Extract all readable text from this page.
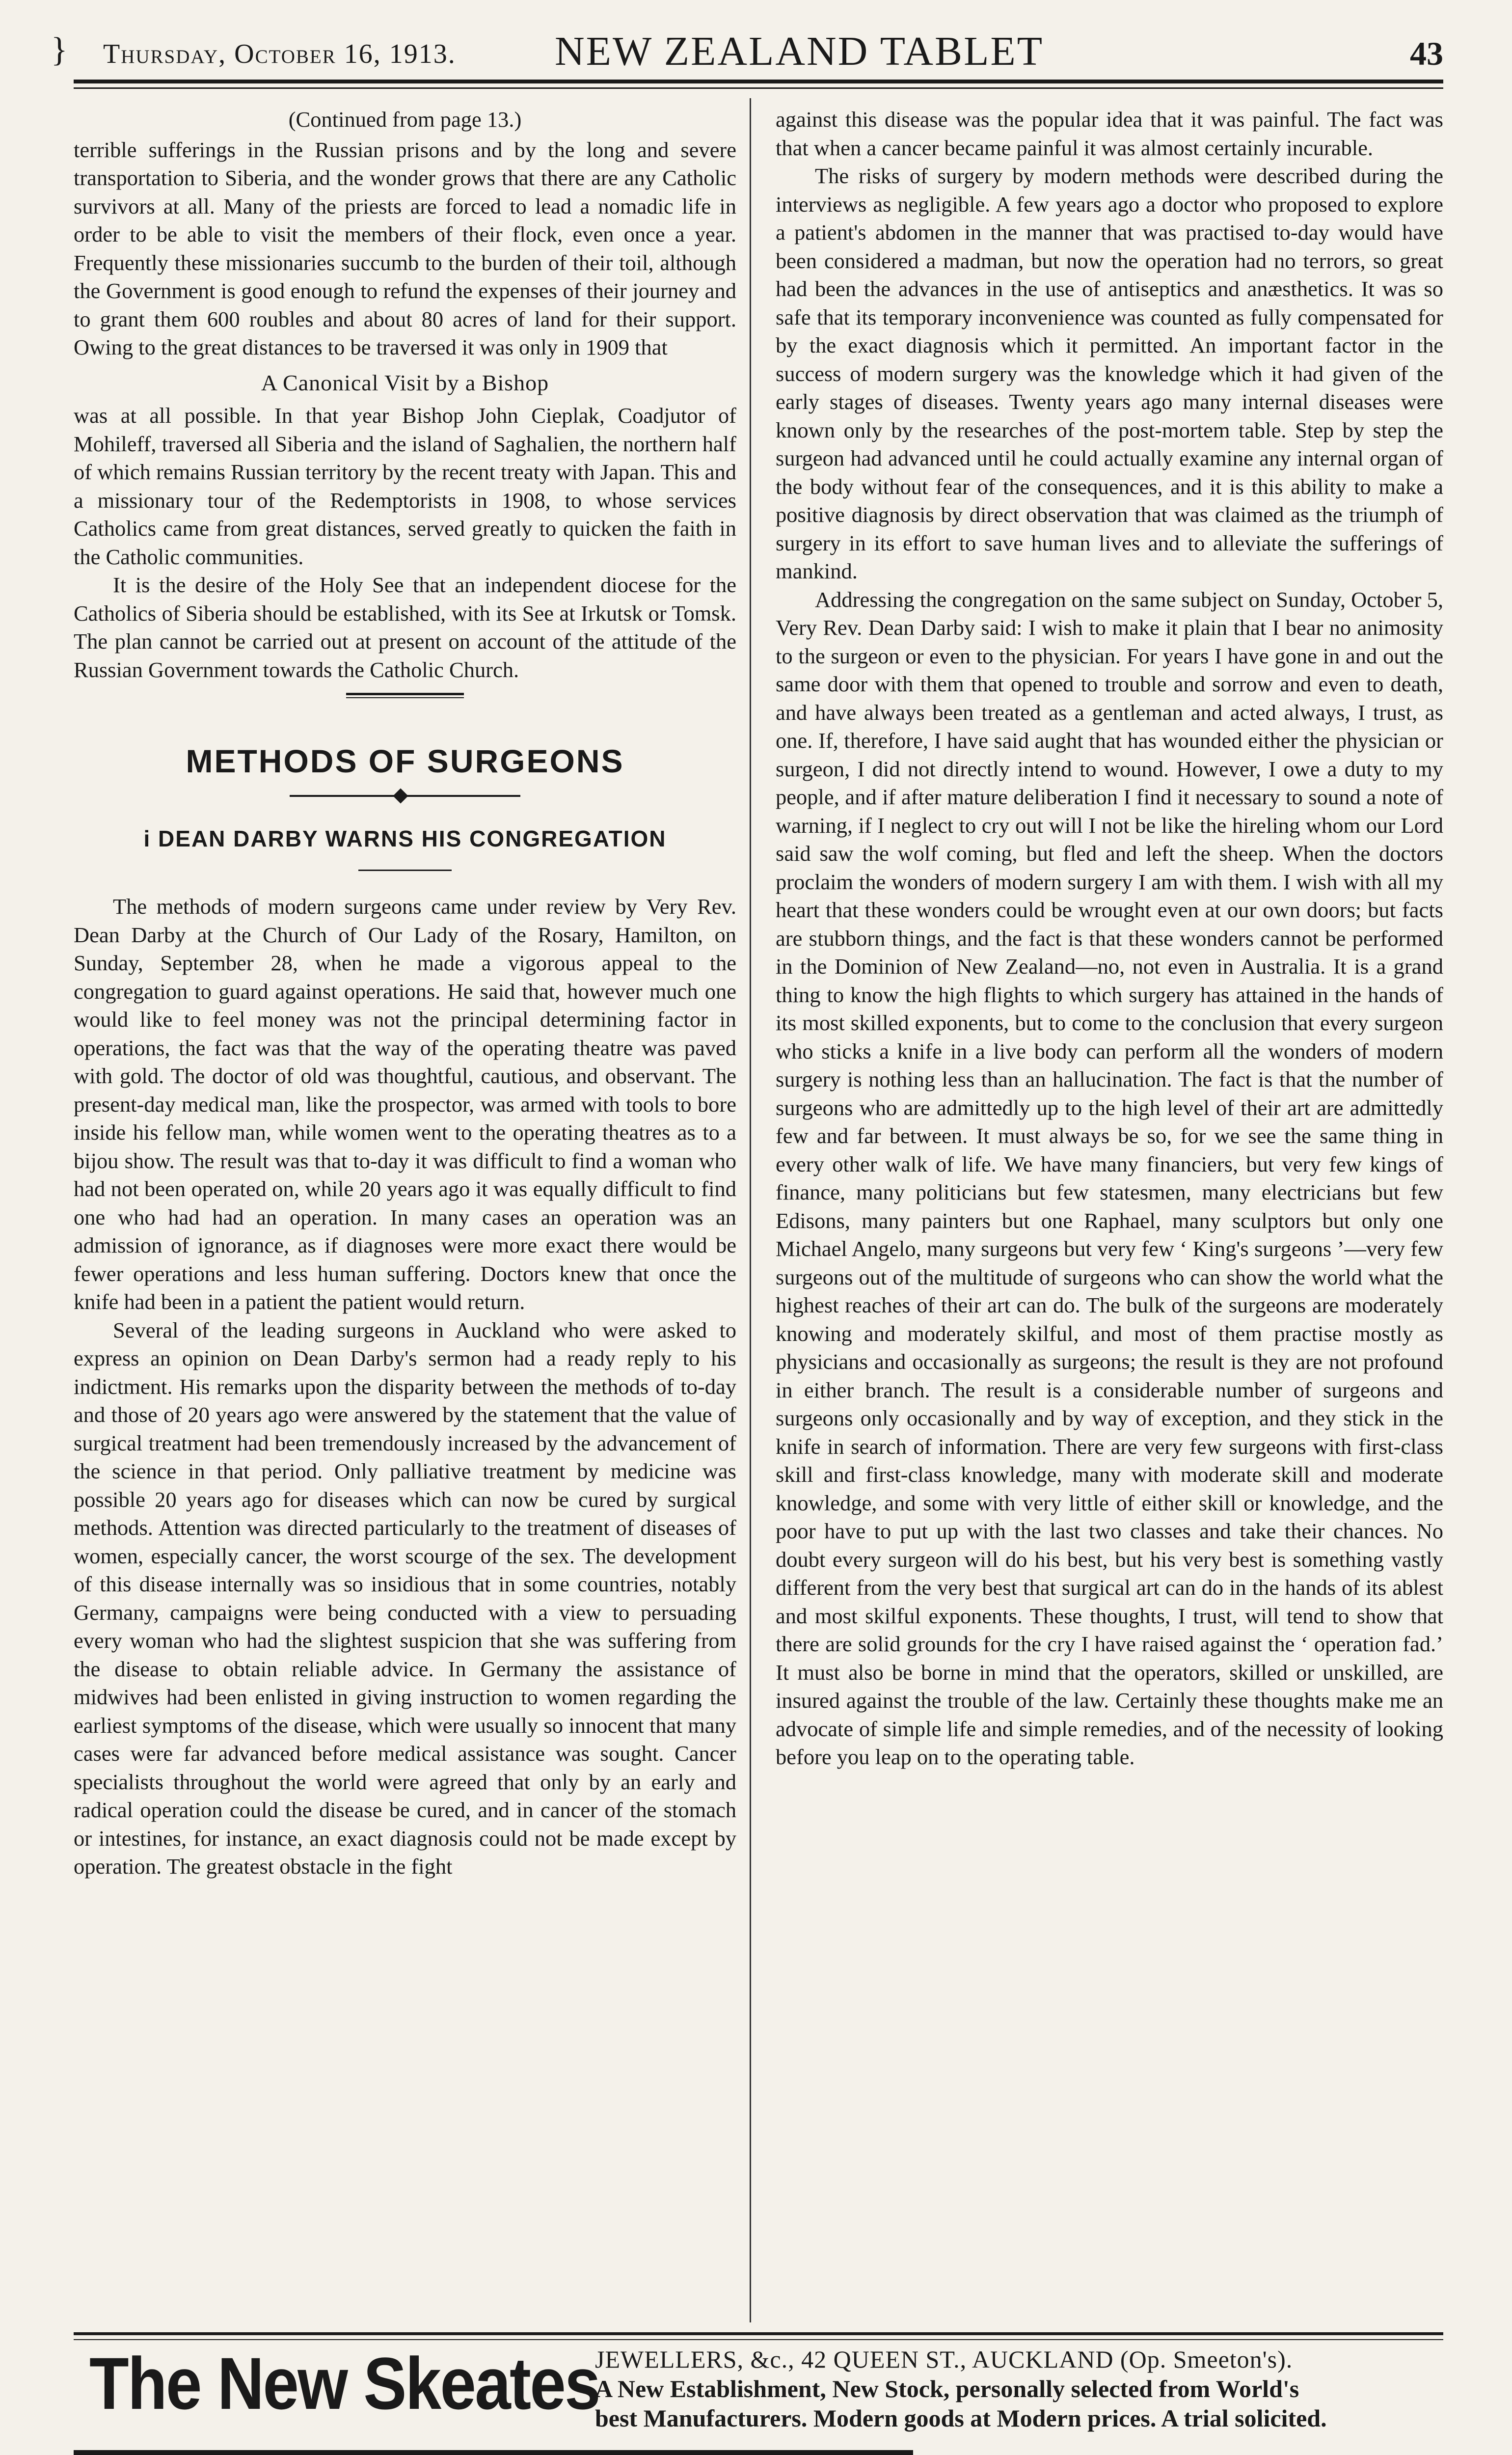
} Thursday, October 16, 1913. NEW ZEALAND TABLET	43
(Continued from page 13.)

terrible sufferings in the Russian prisons and by the long and severe transportation to Siberia, and the wonder grows that there are any Catholic survivors at all. Many of the priests are forced to lead a nomadic life in order to be able to visit the members of their flock, even once a year. Frequently these missionaries succumb to the burden of their toil, although the Government is good enough to refund the expenses of their journey and to grant them 600 roubles and about 80 acres of land for their support. Owing to the great distances to be traversed it was only in 1909 that

A Canonical Visit by a Bishop

was at all possible. In that year Bishop John Cieplak, Coadjutor of Mohileff, traversed all Siberia and the island of Saghalien, the northern half of which remains Russian territory by the recent treaty with Japan. This and a missionary tour of the Redemptorists in 1908, to whose services Catholics came from great distances, served greatly to quicken the faith in the Catholic communities.

It is the desire of the Holy See that an independent diocese for the Catholics of Siberia should be established, with its See at Irkutsk or Tomsk. The plan cannot be carried out at present on account of the attitude of the Russian Government towards the Catholic Church.

METHODS OF SURGEONS
i DEAN DARBY WARNS HIS CONGREGATION

The methods of modern surgeons came under review by Very Rev. Dean Darby at the Church of Our Lady of the Rosary, Hamilton, on Sunday, September 28, when he made a vigorous appeal to the congregation to guard against operations. He said that, however much one would like to feel money was not the principal determining factor in operations, the fact was that the way of the operating theatre was paved with gold. The doctor of old was thoughtful, cautious, and observant. The present-day medical man, like the prospector, was armed with tools to bore inside his fellow man, while women went to the operating theatres as to a bijou show. The result was that to-day it was difficult to find a woman who had not been operated on, while 20 years ago it was equally difficult to find one who had had an operation. In many cases an operation was an admission of ignorance, as if diagnoses were more exact there would be fewer operations and less human suffering. Doctors knew that once the knife had been in a patient the patient would return.

Several of the leading surgeons in Auckland who were asked to express an opinion on Dean Darby's sermon had a ready reply to his indictment. His remarks upon the disparity between the methods of to-day and those of 20 years ago were answered by the statement that the value of surgical treatment had been tremendously increased by the advancement of the science in that period. Only palliative treatment by medicine was possible 20 years ago for diseases which can now be cured by surgical methods. Attention was directed particularly to the treatment of diseases of women, especially cancer, the worst scourge of the sex. The development of this disease internally was so insidious that in some countries, notably Germany, campaigns were being conducted with a view to persuading every woman who had the slightest suspicion that she was suffering from the disease to obtain reliable advice. In Germany the assistance of midwives had been enlisted in giving instruction to women regarding the earliest symptoms of the disease, which were usually so innocent that many cases were far advanced before medical assistance was sought. Cancer specialists throughout the world were agreed that only by an early and radical operation could the disease be cured, and in cancer of the stomach or intestines, for instance, an exact diagnosis could not be made except by operation. The greatest obstacle in the fight

against this disease was the popular idea that it was painful. The fact was that when a cancer became painful it was almost certainly incurable.

The risks of surgery by modern methods were described during the interviews as negligible. A few years ago a doctor who proposed to explore a patient's abdomen in the manner that was practised to-day would have been considered a madman, but now the operation had no terrors, so great had been the advances in the use of antiseptics and anæsthetics. It was so safe that its temporary inconvenience was counted as fully compensated for by the exact diagnosis which it permitted. An important factor in the success of modern surgery was the knowledge which it had given of the early stages of diseases. Twenty years ago many internal diseases were known only by the researches of the post-mortem table. Step by step the surgeon had advanced until he could actually examine any internal organ of the body without fear of the consequences, and it is this ability to make a positive diagnosis by direct observation that was claimed as the triumph of surgery in its effort to save human lives and to alleviate the sufferings of mankind.

Addressing the congregation on the same subject on Sunday, October 5, Very Rev. Dean Darby said: I wish to make it plain that I bear no animosity to the surgeon or even to the physician. For years I have gone in and out the same door with them that opened to trouble and sorrow and even to death, and have always been treated as a gentleman and acted always, I trust, as one. If, therefore, I have said aught that has wounded either the physician or surgeon, I did not directly intend to wound. However, I owe a duty to my people, and if after mature deliberation I find it necessary to sound a note of warning, if I neglect to cry out will I not be like the hireling whom our Lord said saw the wolf coming, but fled and left the sheep. When the doctors proclaim the wonders of modern surgery I am with them. I wish with all my heart that these wonders could be wrought even at our own doors; but facts are stubborn things, and the fact is that these wonders cannot be performed in the Dominion of New Zealand—no, not even in Australia. It is a grand thing to know the high flights to which surgery has attained in the hands of its most skilled exponents, but to come to the conclusion that every surgeon who sticks a knife in a live body can perform all the wonders of modern surgery is nothing less than an hallucination. The fact is that the number of surgeons who are admittedly up to the high level of their art are admittedly few and far between. It must always be so, for we see the same thing in every other walk of life. We have many financiers, but very few kings of finance, many politicians but few statesmen, many electricians but few Edisons, many painters but one Raphael, many sculptors but only one Michael Angelo, many surgeons but very few ‘ King's surgeons ’—very few surgeons out of the multitude of surgeons who can show the world what the highest reaches of their art can do. The bulk of the surgeons are moderately knowing and moderately skilful, and most of them practise mostly as physicians and occasionally as surgeons; the result is they are not profound in either branch. The result is a considerable number of surgeons and surgeons only occasionally and by way of exception, and they stick in the knife in search of information. There are very few surgeons with first-class skill and first-class knowledge, many with moderate skill and moderate knowledge, and some with very little of either skill or knowledge, and the poor have to put up with the last two classes and take their chances. No doubt every surgeon will do his best, but his very best is something vastly different from the very best that surgical art can do in the hands of its ablest and most skilful exponents. These thoughts, I trust, will tend to show that there are solid grounds for the cry I have raised against the ‘ operation fad.’ It must also be borne in mind that the operators, skilled or unskilled, are insured against the trouble of the law. Certainly these thoughts make me an advocate of simple life and simple remedies, and of the necessity of looking before you leap on to the operating table.

The New Skeates
JEWELLERS, &c., 42 QUEEN ST., AUCKLAND (Op. Smeeton's).
A New Establishment, New Stock, personally selected from World's
best Manufacturers. Modern goods at Modern prices. A trial solicited.
